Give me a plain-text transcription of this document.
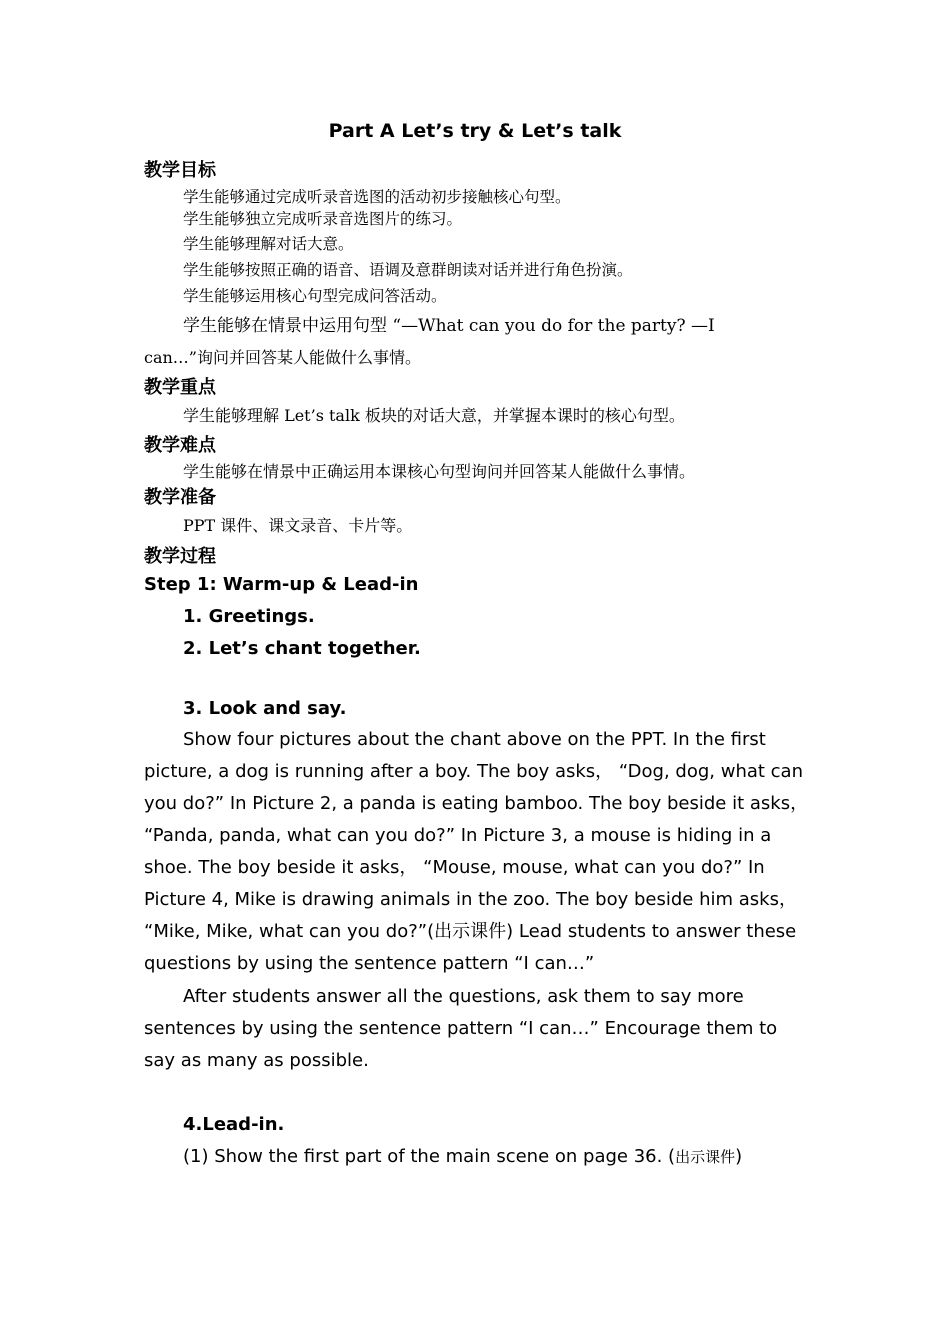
Part A Let’s try & Let’s talk
教学目标
学生能够通过完成听录音选图的活动初步接触核心句型。
学生能够独立完成听录音选图片的练习。
学生能够理解对话大意。
学生能够按照正确的语音、语调及意群朗读对话并进行角色扮演。
学生能够运用核心句型完成问答活动。
学生能够在情景中运用句型 “—What can you do for the party? —I
can…”询问并回答某人能做什么事情。
教学重点
学生能够理解 Let’s talk 板块的对话大意，并掌握本课时的核心句型。
教学难点
学生能够在情景中正确运用本课核心句型询问并回答某人能做什么事情。
教学准备
PPT 课件、课文录音、卡片等。
教学过程
Step 1: Warm-up & Lead-in
1. Greetings.
2. Let’s chant together.
3. Look and say.

Show four pictures about the chant above on the PPT. In the first picture, a dog is running after a boy. The boy asks， “Dog, dog, what can you do?” In Picture 2, a panda is eating bamboo. The boy beside it asks， “Panda, panda, what can you do?” In Picture 3, a mouse is hiding in a shoe. The boy beside it asks， “Mouse, mouse, what can you do?” In Picture 4, Mike is drawing animals in the zoo. The boy beside him asks， “Mike, Mike, what can you do?”(出示课件) Lead students to answer these questions by using the sentence pattern “I can…”

After students answer all the questions, ask them to say more sentences by using the sentence pattern “I can…” Encourage them to say as many as possible.

4.Lead-in.
(1) Show the first part of the main scene on page 36. (出示课件)
